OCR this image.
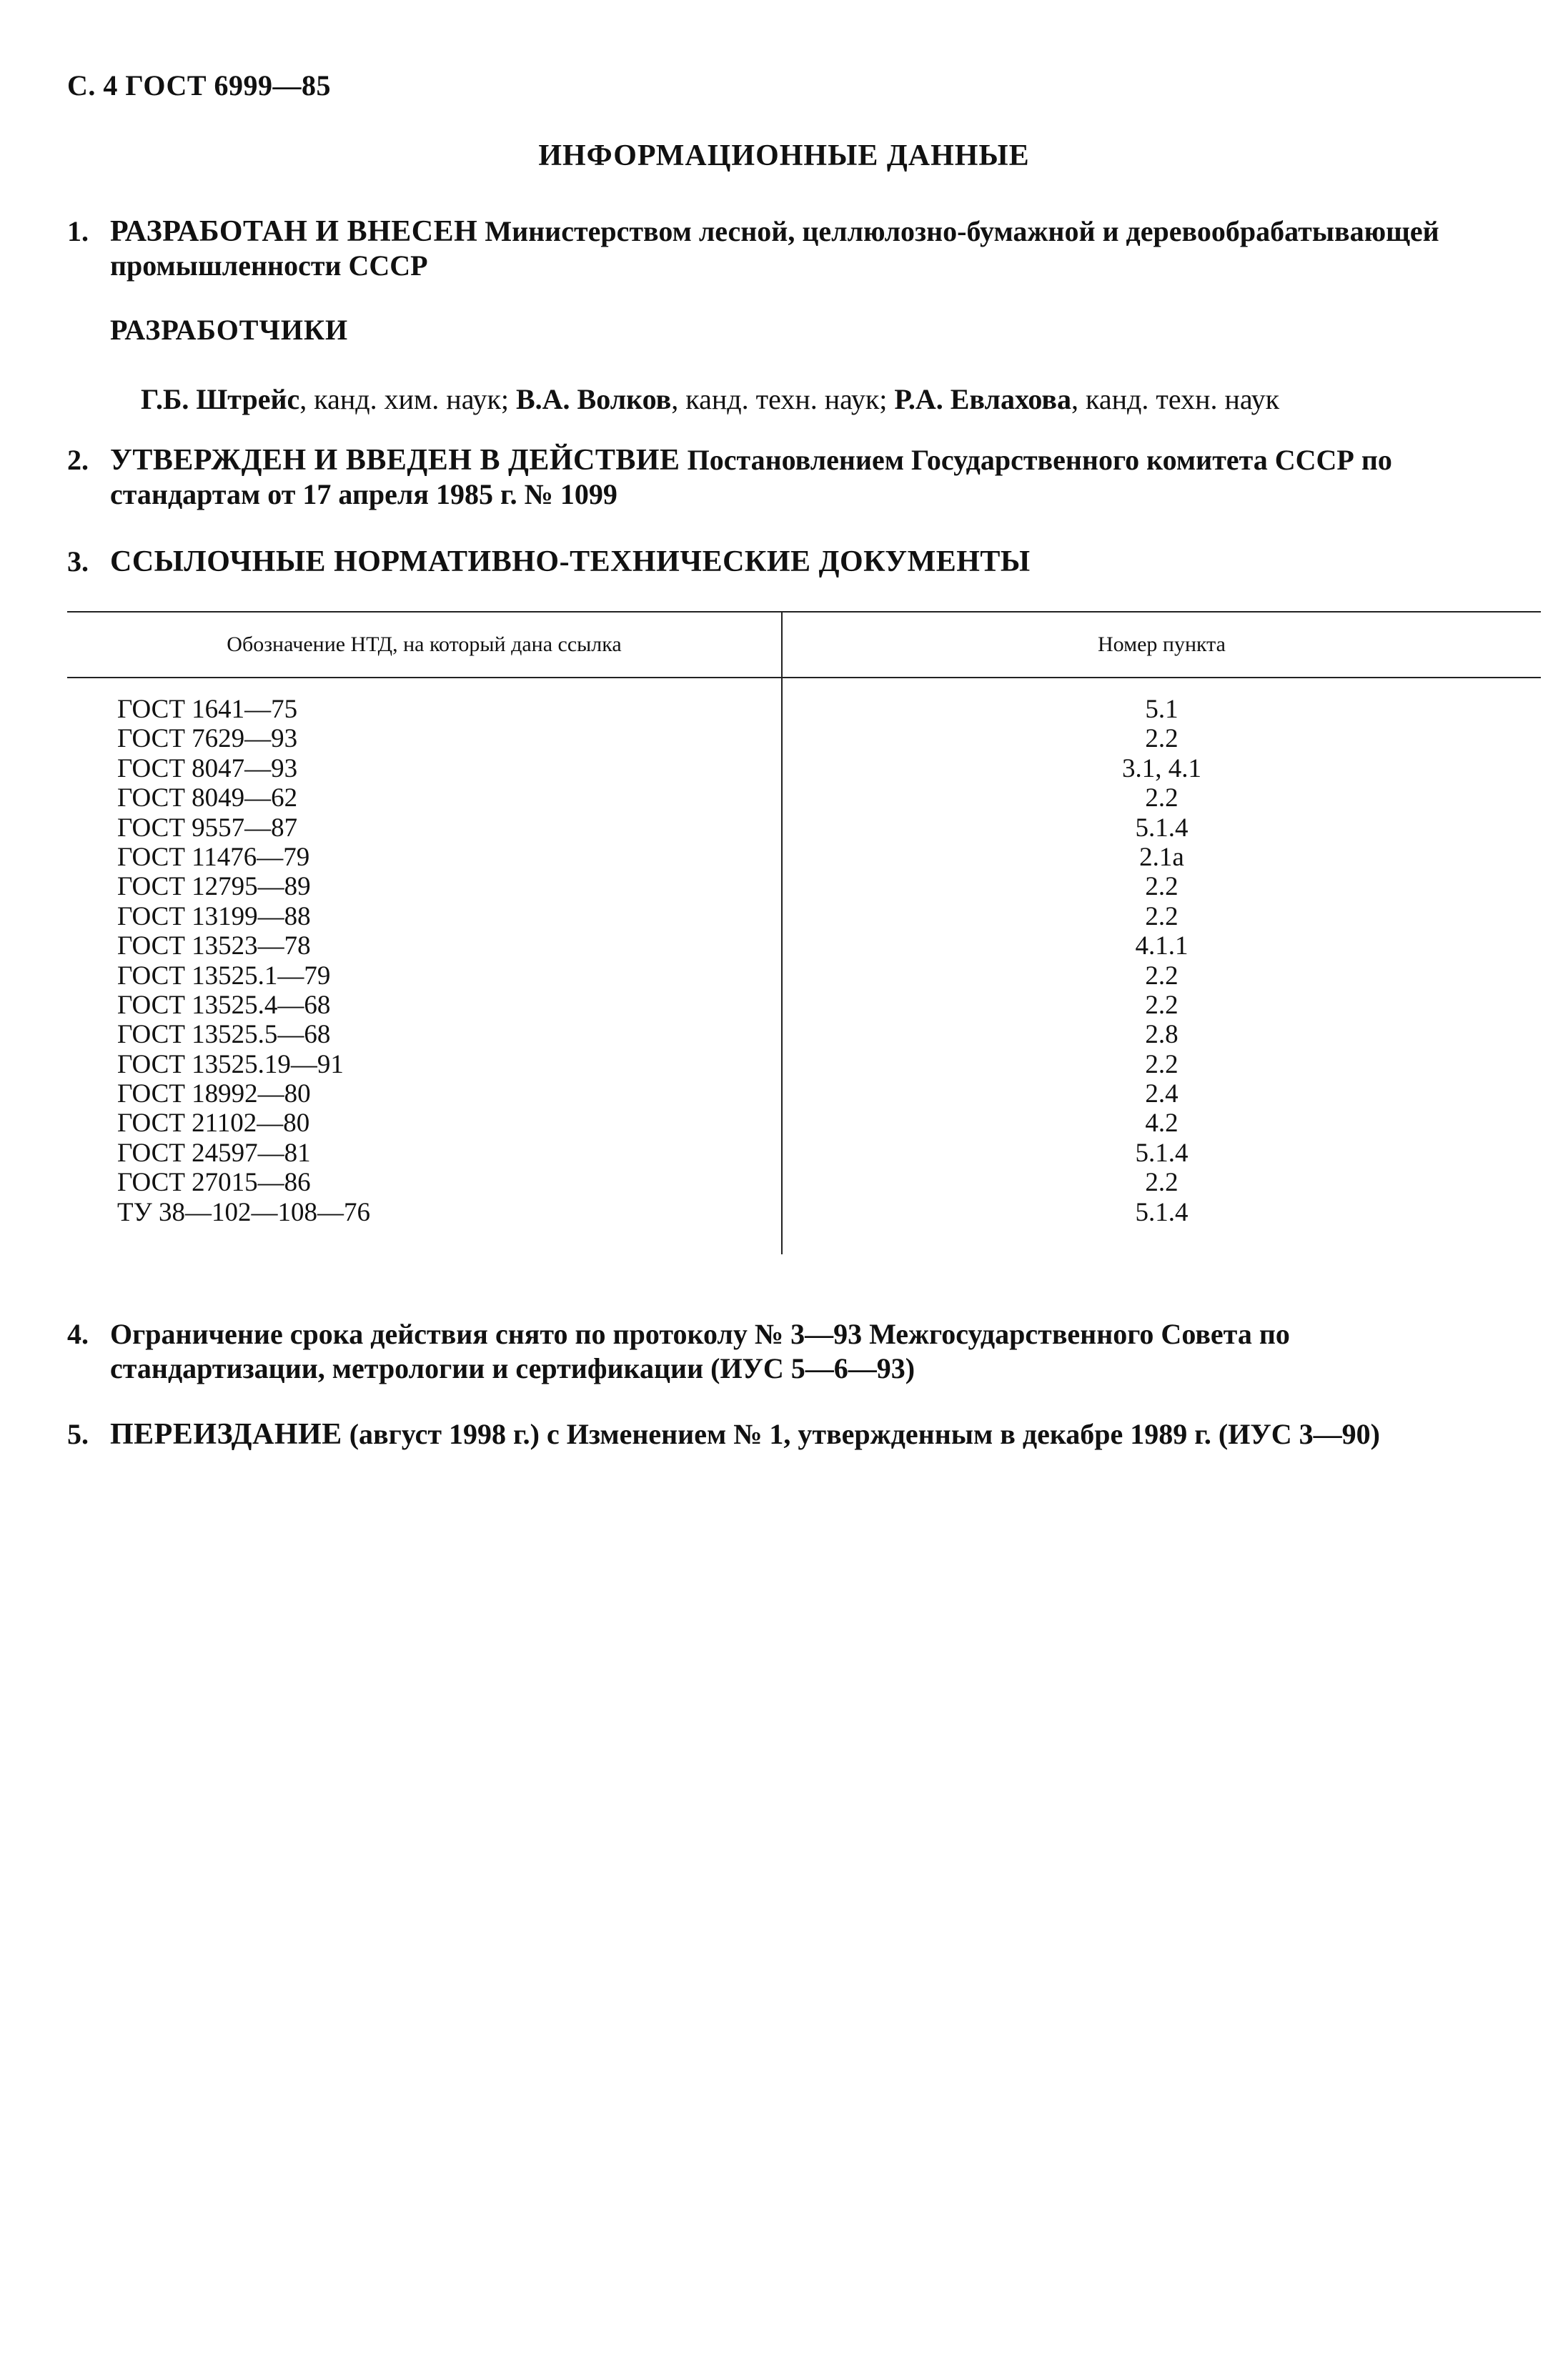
С. 4 ГОСТ 6999—85
ИНФОРМАЦИОННЫЕ ДАННЫЕ
1. РАЗРАБОТАН И ВНЕСЕН Министерством лесной, целлюлозно-бумажной и деревообрабатывающей промышленности СССР
РАЗРАБОТЧИКИ
Г.Б. Штрейс, канд. хим. наук; В.А. Волков, канд. техн. наук; Р.А. Евлахова, канд. техн. наук
2. УТВЕРЖДЕН И ВВЕДЕН В ДЕЙСТВИЕ Постановлением Государственного комитета СССР по стандартам от 17 апреля 1985 г. № 1099
3. ССЫЛОЧНЫЕ НОРМАТИВНО-ТЕХНИЧЕСКИЕ ДОКУМЕНТЫ
Обозначение НТД, на который дана ссылка	Номер пункта
ГОСТ 1641—75	5.1
ГОСТ 7629—93	2.2
ГОСТ 8047—93	3.1, 4.1
ГОСТ 8049—62	2.2
ГОСТ 9557—87	5.1.4
ГОСТ 11476—79	2.1а
ГОСТ 12795—89	2.2
ГОСТ 13199—88	2.2
ГОСТ 13523—78	4.1.1
ГОСТ 13525.1—79	2.2
ГОСТ 13525.4—68	2.2
ГОСТ 13525.5—68	2.8
ГОСТ 13525.19—91	2.2
ГОСТ 18992—80	2.4
ГОСТ 21102—80	4.2
ГОСТ 24597—81	5.1.4
ГОСТ 27015—86	2.2
ТУ 38—102—108—76	5.1.4
4. Ограничение срока действия снято по протоколу № 3—93 Межгосударственного Совета по стандартизации, метрологии и сертификации (ИУС 5—6—93)
5. ПЕРЕИЗДАНИЕ (август 1998 г.) с Изменением № 1, утвержденным в декабре 1989 г. (ИУС 3—90)
